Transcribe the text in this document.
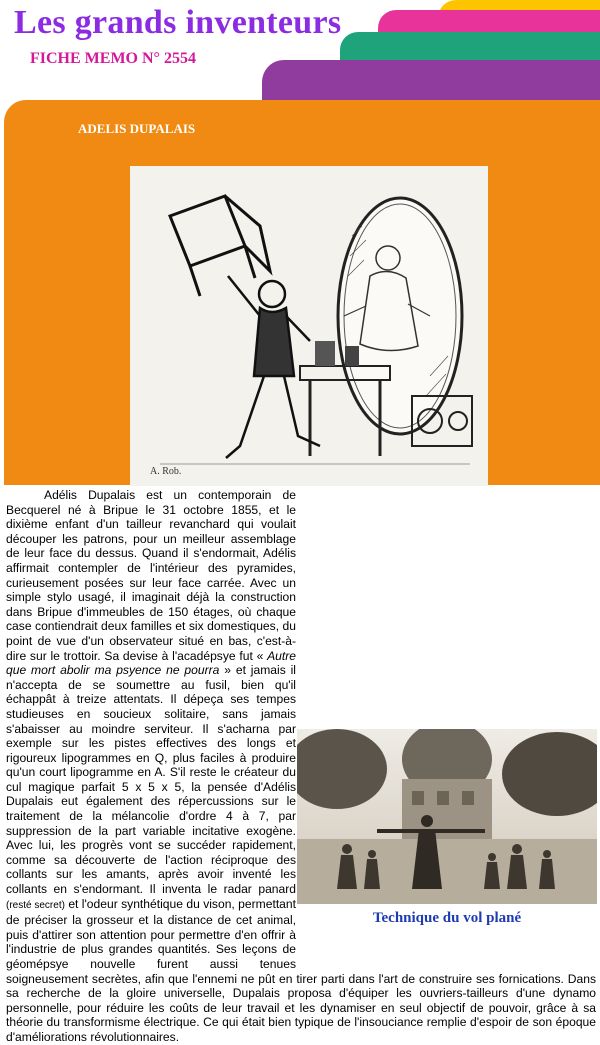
Les grands inventeurs
FICHE MEMO N° 2554
ADELIS DUPALAIS
A. Rob.
Adélis Dupalais est un contemporain de Becquerel né à Bripue le 31 octobre 1855, et le dixième enfant d'un tailleur revanchard qui voulait découper les patrons, pour un meilleur assemblage de leur face du dessus. Quand il s'endormait, Adélis affirmait contempler de l'intérieur des pyramides, curieusement posées sur leur face carrée. Avec un simple stylo usagé, il imaginait déjà la construction dans Bripue d'immeubles de 150 étages, où chaque case contiendrait deux familles et six domestiques, du point de vue d'un observateur situé en bas, c'est-à-dire sur le trottoir. Sa devise à l'acadépsye fut « Autre que mort abolir ma psyence ne pourra » et jamais il n'accepta de se soumettre au fusil, bien qu'il échappât à treize attentats. Il dépeça ses tempes studieuses en soucieux solitaire, sans jamais s'abaisser au moindre serviteur. Il s'acharna par exemple sur les pistes effectives des longs et rigoureux lipogrammes en Q, plus faciles à produire qu'un court lipogramme en A. S'il reste le créateur du cul magique parfait 5 x 5 x 5, la pensée d'Adélis Dupalais eut également des répercussions sur le traitement de la mélancolie d'ordre 4 à 7, par suppression de la part variable incitative exogène. Avec lui, les progrès vont se succéder rapidement, comme sa découverte de l'action réciproque des collants sur les amants, après avoir inventé les collants en s'endormant. Il inventa le radar panard (resté secret) et l'odeur synthétique du vison, permettant de préciser la grosseur et la distance de cet animal, puis d'attirer son attention pour permettre d'en offrir à l'industrie de plus grandes quantités. Ses leçons de géomépsye nouvelle furent aussi tenues soigneusement secrètes, afin que l'ennemi ne pût en tirer parti dans l'art de construire ses fornications. Dans sa recherche de la gloire universelle, Dupalais proposa d'équiper les ouvriers-tailleurs d'une dynamo personnelle, pour réduire les coûts de leur travail et les dynamiser en seul objectif de pouvoir, grâce à sa théorie du transformisme électrique. Ce qui était bien typique de l'insouciance remplie d'espoir de son époque d'améliorations révolutionnaires.
Technique du vol plané
